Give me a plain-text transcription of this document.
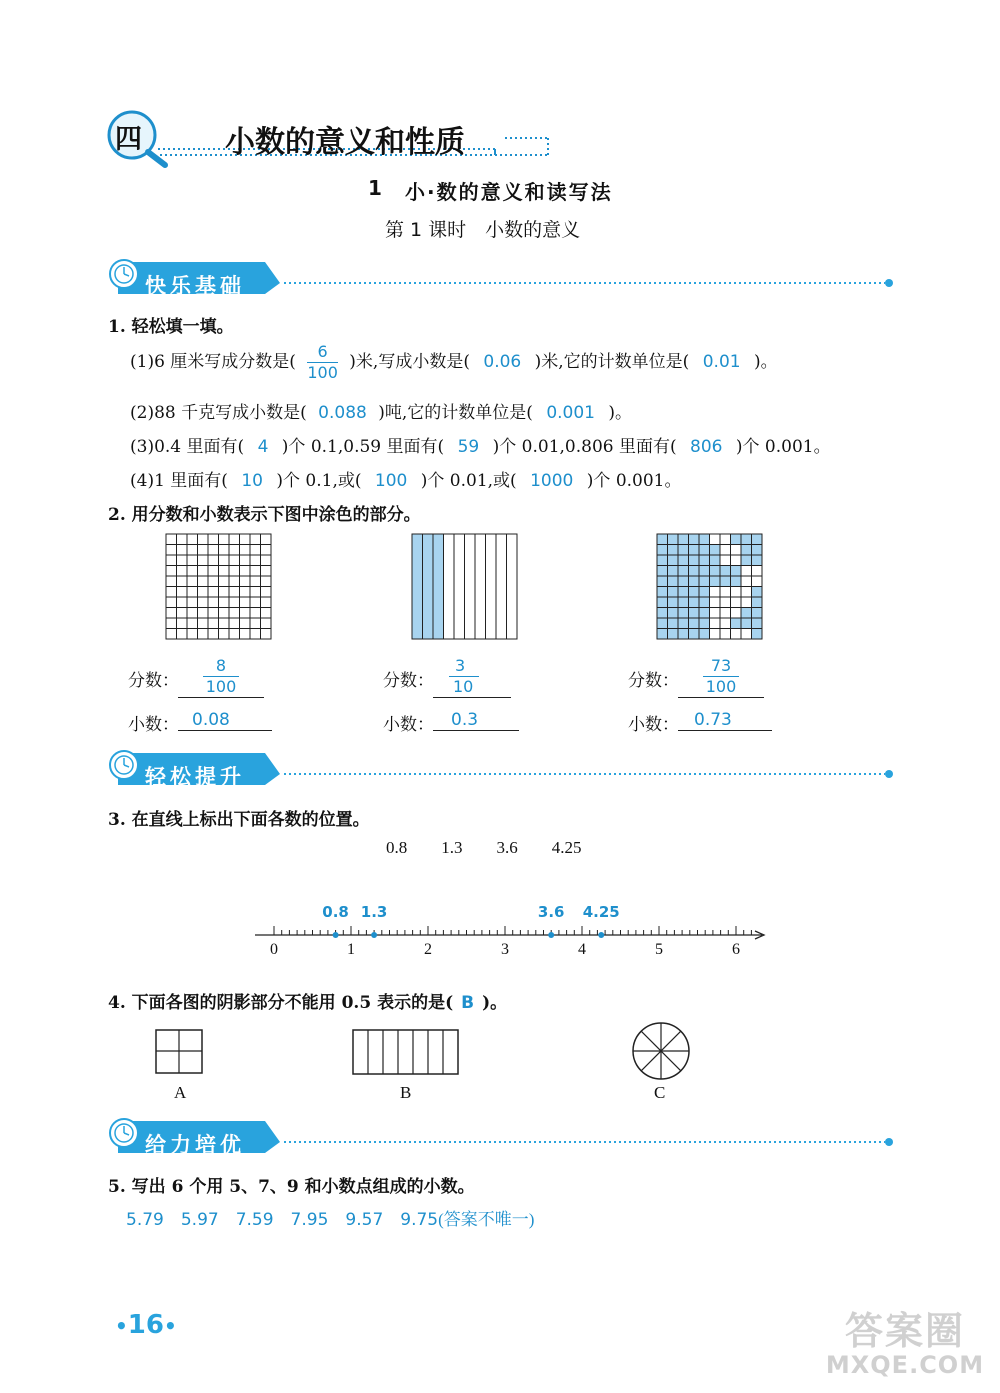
四	小数的意义和性质
1 小·数的意义和读写法
第 1 课时　小数的意义
快乐基础
1. 轻松填一填。
(1)6 厘米写成分数是( $\frac{6}{100}$ )米,写成小数是( 0.06 )米,它的计数单位是( 0.01 )。
(2)88 千克写成小数是( 0.088 )吨,它的计数单位是( 0.001 )。
(3)0.4 里面有( 4 )个 0.1,0.59 里面有( 59 )个 0.01,0.806 里面有( 806 )个 0.001。
(4)1 里面有( 10 )个 0.1,或( 100 )个 0.01,或( 1000 )个 0.001。
2. 用分数和小数表示下图中涂色的部分。
分数：
8
100
小数： 0.08
分数：
3
10
小数：	0.3
分数：
73
100
小数： 0.73
轻松提升
3. 在直线上标出下面各数的位置。
0.8 1.3 3.6 4.25
0	1	2	3	4	5	6
0.8 1.3	3.6 4.25
4. 下面各图的阴影部分不能用 0.5 表示的是( B )。
A	B	C
给力培优
5. 写出 6 个用 5、7、9 和小数点组成的小数。
5.79　5.97　7.59　7.95　9.57　9.75(答案不唯一)
•16•	答案圈
MXQE.COM
